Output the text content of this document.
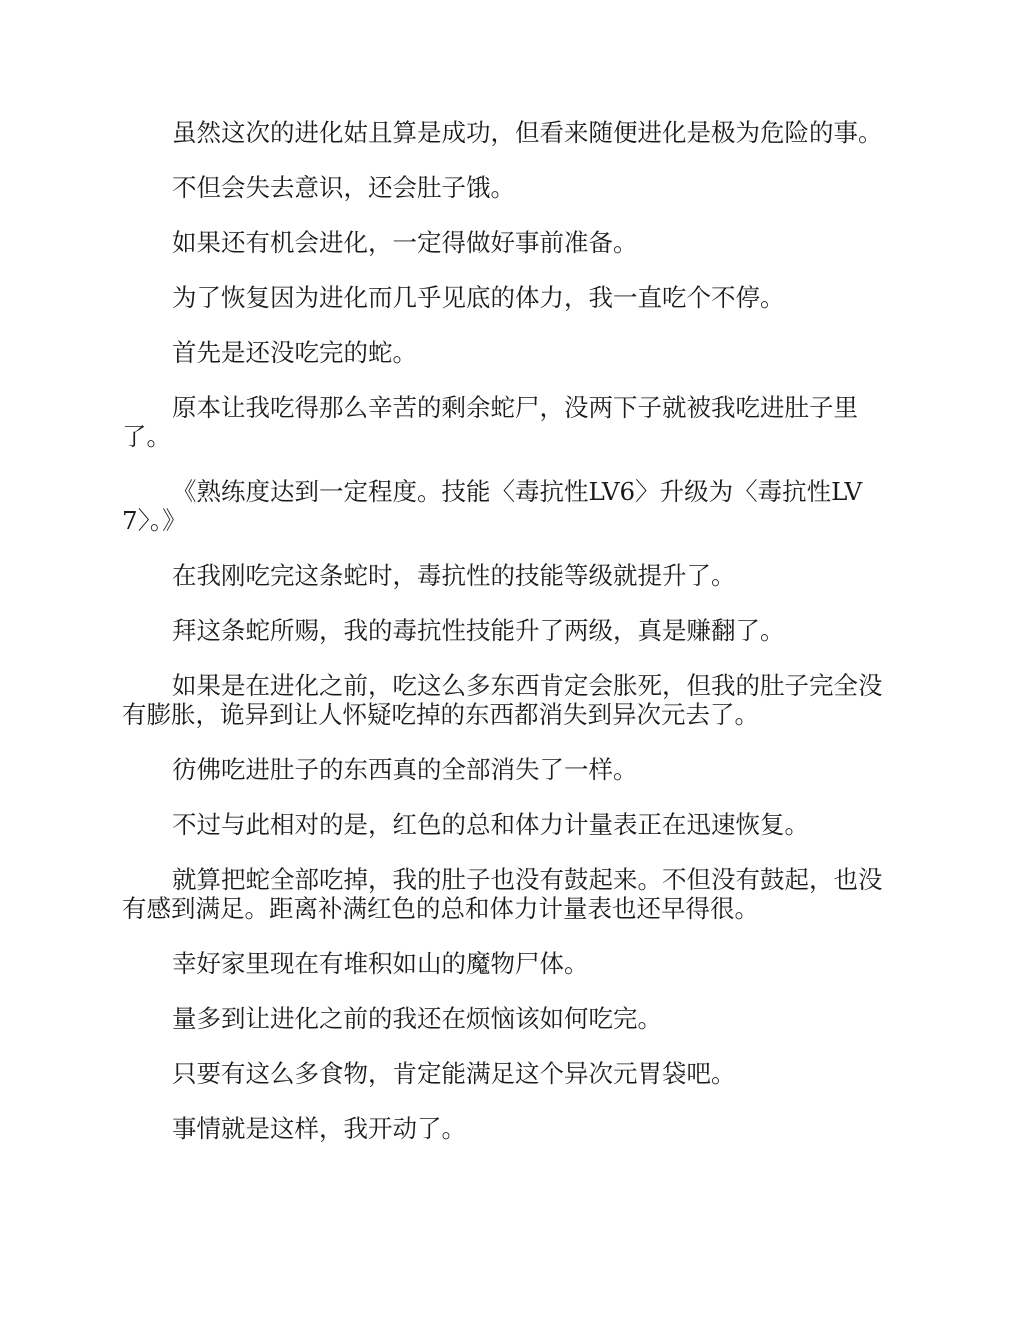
虽然这次的进化姑且算是成功，但看来随便进化是极为危险的事。

不但会失去意识，还会肚子饿。

如果还有机会进化，一定得做好事前准备。

为了恢复因为进化而几乎见底的体力，我一直吃个不停。

首先是还没吃完的蛇。

原本让我吃得那么辛苦的剩余蛇尸，没两下子就被我吃进肚子里了。

《熟练度达到一定程度。技能〈毒抗性LV6〉升级为〈毒抗性LV7〉。》

在我刚吃完这条蛇时，毒抗性的技能等级就提升了。

拜这条蛇所赐，我的毒抗性技能升了两级，真是赚翻了。

如果是在进化之前，吃这么多东西肯定会胀死，但我的肚子完全没有膨胀，诡异到让人怀疑吃掉的东西都消失到异次元去了。

彷佛吃进肚子的东西真的全部消失了一样。

不过与此相对的是，红色的总和体力计量表正在迅速恢复。

就算把蛇全部吃掉，我的肚子也没有鼓起来。不但没有鼓起，也没有感到满足。距离补满红色的总和体力计量表也还早得很。

幸好家里现在有堆积如山的魔物尸体。

量多到让进化之前的我还在烦恼该如何吃完。

只要有这么多食物，肯定能满足这个异次元胃袋吧。

事情就是这样，我开动了。
